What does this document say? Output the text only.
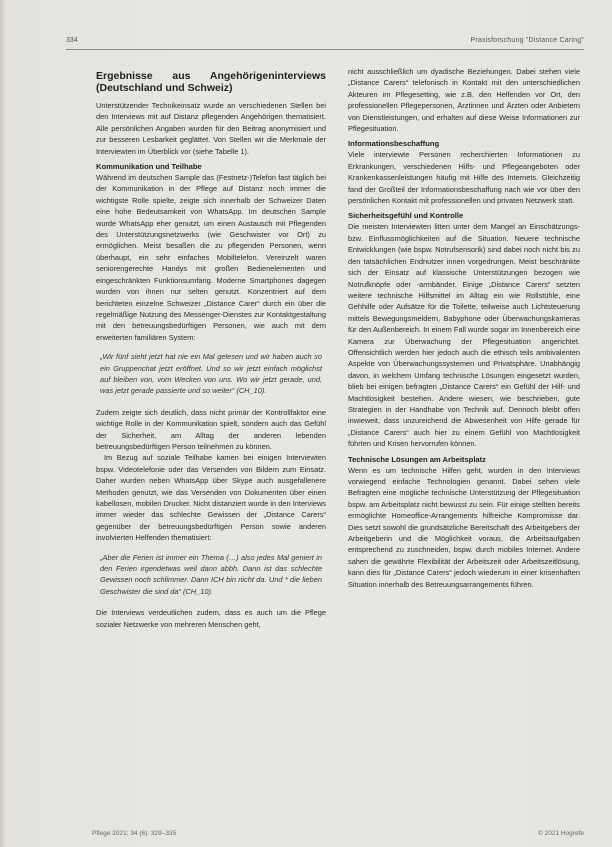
334	Praxisforschung "Distance Caring"
Ergebnisse aus Angehörigeninterviews (Deutschland und Schweiz)

Unterstützender Technikeinsatz wurde an verschiedenen Stellen bei den Interviews mit auf Distanz pflegenden Angehörigen thematisiert. Alle persönlichen Angaben wurden für den Beitrag anonymisiert und zur besseren Lesbarkeit geglättet. Von Stellen wir die Merkmale der Interviewten im Überblick vor (siehe Tabelle 1).

Kommunikation und Teilhabe

Während im deutschen Sample das (Festnetz-)Telefon fast täglich bei der Kommunikation in der Pflege auf Distanz noch immer die wichtigste Rolle spielte, zeigte sich innerhalb der Schweizer Daten eine hohe Bedeutsamkeit von WhatsApp. Im deutschen Sample wurde WhatsApp eher genutzt, um einen Austausch mit Pflegenden des Unterstützungsnetzwerks (wie Geschwister vor Ort) zu ermöglichen. Meist besaßen die zu pflegenden Personen, wenn überhaupt, ein sehr einfaches Mobiltelefon. Vereinzelt waren seniorengerechte Handys mit großen Bedienelementen und eingeschränkten Funktionsumfang. Moderne Smartphones dagegen wurden von ihnen nur selten genutzt. Konzentriert auf dem berichteten einzelne Schweizer „Distance Carer“ durch ein über die regelmäßige Nutzung des Messenger-Dienstes zur Kontaktgestaltung mit den betreuungsbedürftigen Personen, wie auch mit dem erweiterten familiären System:

„Wir fünf sieht jetzt hat nie ein Mal gelesen und wir haben auch so ein Gruppenchat jetzt eröffnet. Und so wir jetzt einfach möglichst auf bleiben von, vom Wecken von uns. Wo wir jetzt gerade, und, was jetzt gerade passierte und so weiter“ (CH_10).

Zudem zeigte sich deutlich, dass nicht primär der Kontrollfaktor eine wichtige Rolle in der Kommunikation spielt, sondern auch das Gefühl der Sicherheit, am Alltag der anderen lebenden betreuungsbedürftigen Person teilnehmen zu können.

Im Bezug auf soziale Teilhabe kamen bei einigen Interviewten bspw. Videotelefonie oder das Versenden von Bildern zum Einsatz. Daher wurden neben WhatsApp über Skype auch ausgefallenere Methoden genutzt, wie das Versenden von Dokumenten über einen kabellosen, mobilen Drucker. Nicht distanziert wurde in den Interviews immer wieder das schlechte Gewissen der „Distance Carers“ gegenüber der betreuungsbedürftigen Person sowie anderen involvierten Helfenden thematisiert:

„Aber die Ferien ist immer ein Thema (…) also jedes Mal geniert in den Ferien irgendetwas weil dann abbh. Dann ist das schlechte Gewissen noch schlimmer. Dann ICH bin nicht da. Und * die lieben Geschwister die sind da“ (CH_10).

Die Interviews verdeutlichen zudem, dass es auch um die Pflege sozialer Netzwerke von mehreren Menschen geht,

nicht ausschließlich um dyadische Beziehungen. Dabei stehen viele „Distance Carers“ telefonisch in Kontakt mit den unterschiedlichen Akteuren im Pflegesetting, wie z.B. den Helfenden vor Ort, den professionellen Pflegepersonen, Ärztinnen und Ärzten oder Anbietern von Dienstleistungen, und erhalten auf diese Weise Informationen zur Pflegesituation.

Informationsbeschaffung

Viele interviewte Personen recherchierten Informationen zu Erkrankungen, verschiedenen Hilfs- und Pflegeangeboten oder Krankenkassenleistungen häufig mit Hilfe des Internets. Gleichzeitig fand der Großteil der Informationsbeschaffung nach wie vor über den persönlichen Kontakt mit professionellen und privaten Netzwerk statt.

Sicherheitsgefühl und Kontrolle

Die meisten Interviewten litten unter dem Mangel an Einschätzungs- bzw. Einflussmöglichkeiten auf die Situation. Neuere technische Entwicklungen (wie bspw. Notrufsensorik) sind dabei noch nicht bis zu den tatsächlichen Endnutzer innen vorgedrungen. Meist beschränkte sich der Einsatz auf klassische Unterstützungen bezogen wie Notrufknöpfe oder -armbänder. Einige „Distance Carers“ setzten weitere technische Hilfsmittel im Alltag ein wie Rollstühle, eine Gehhilfe oder Aufsätze für die Toilette, teilweise auch Lichtsteuerung mittels Bewegungsmeldern, Babyphone oder Überwachungskameras für den Außenbereich. In einem Fall wurde sogar im Innenbereich eine Kamera zur Überwachung der Pflegesituation angerichtet. Offensichtlich werden hier jedoch auch die ethisch teils ambivalenten Aspekte von Überwachungssystemen und Privatsphäre. Unabhängig davon, in welchem Umfang technische Lösungen eingesetzt wurden, blieb bei einigen befragten „Distance Carers“ ein Gefühl der Hilf- und Machtlosigkeit bestehen. Andere wiesen, wie beschrieben, gute Strategien in der Handhabe von Technik auf. Dennoch bleibt offen inwieweit, dass unzureichend die Abwesenheit von Hilfe gerade für „Distance Carers“ auch hier zu einem Gefühl von Machtlosigkeit führten und Krisen hervorrufen können.

Technische Lösungen am Arbeitsplatz

Wenn es um technische Hilfen geht, wurden in den Interviews vorwiegend einfache Technologien genannt. Dabei sehen viele Befragten eine mögliche technische Unterstützung der Pflegesituation bspw. am Arbeitsplatz nicht bewusst zu sein. Für einige stellten bereits ermöglichte Homeoffice-Arrangements hilfreiche Kompromisse dar. Dies setzt sowohl die grundsätzliche Bereitschaft des Arbeitgebers der Arbeitgeberin und die Möglichkeit voraus, die Arbeitsaufgaben entsprechend zu zuschneiden, bspw. durch mobiles Internet. Andere sahen die gewährte Flexibilität der Arbeitszeit oder Arbeitszeitlösung, kann dies für „Distance Carers“ jedoch wiederum in einer krisenhaften Situation innerhalb des Betreuungsarrangements führen.

Pflege 2021; 34 (6): 329–335	© 2021 Hogrefe
